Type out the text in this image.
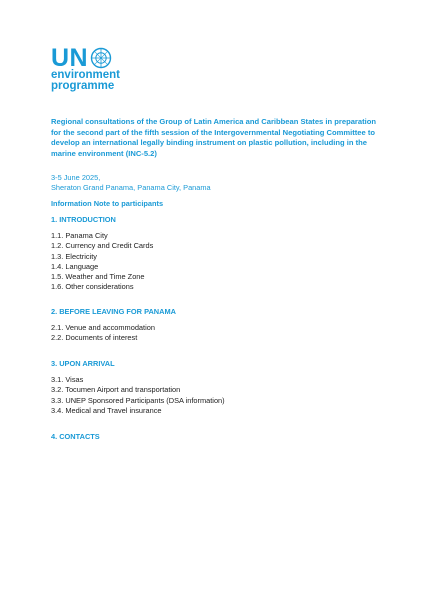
UN
environment
programme

Regional consultations of the Group of Latin America and Caribbean States in preparation for the second part of the fifth session of the Intergovernmental Negotiating Committee to develop an international legally binding instrument on plastic pollution, including in the marine environment (INC-5.2)

3-5 June 2025,
Sheraton Grand Panama, Panama City, Panama
Information Note to participants
1. INTRODUCTION
1.1. Panama City
1.2. Currency and Credit Cards
1.3. Electricity
1.4. Language
1.5. Weather and Time Zone
1.6. Other considerations
2. BEFORE LEAVING FOR PANAMA
2.1. Venue and accommodation
2.2. Documents of interest
3. UPON ARRIVAL
3.1. Visas
3.2. Tocumen Airport and transportation
3.3. UNEP Sponsored Participants (DSA information)
3.4. Medical and Travel insurance
4. CONTACTS
